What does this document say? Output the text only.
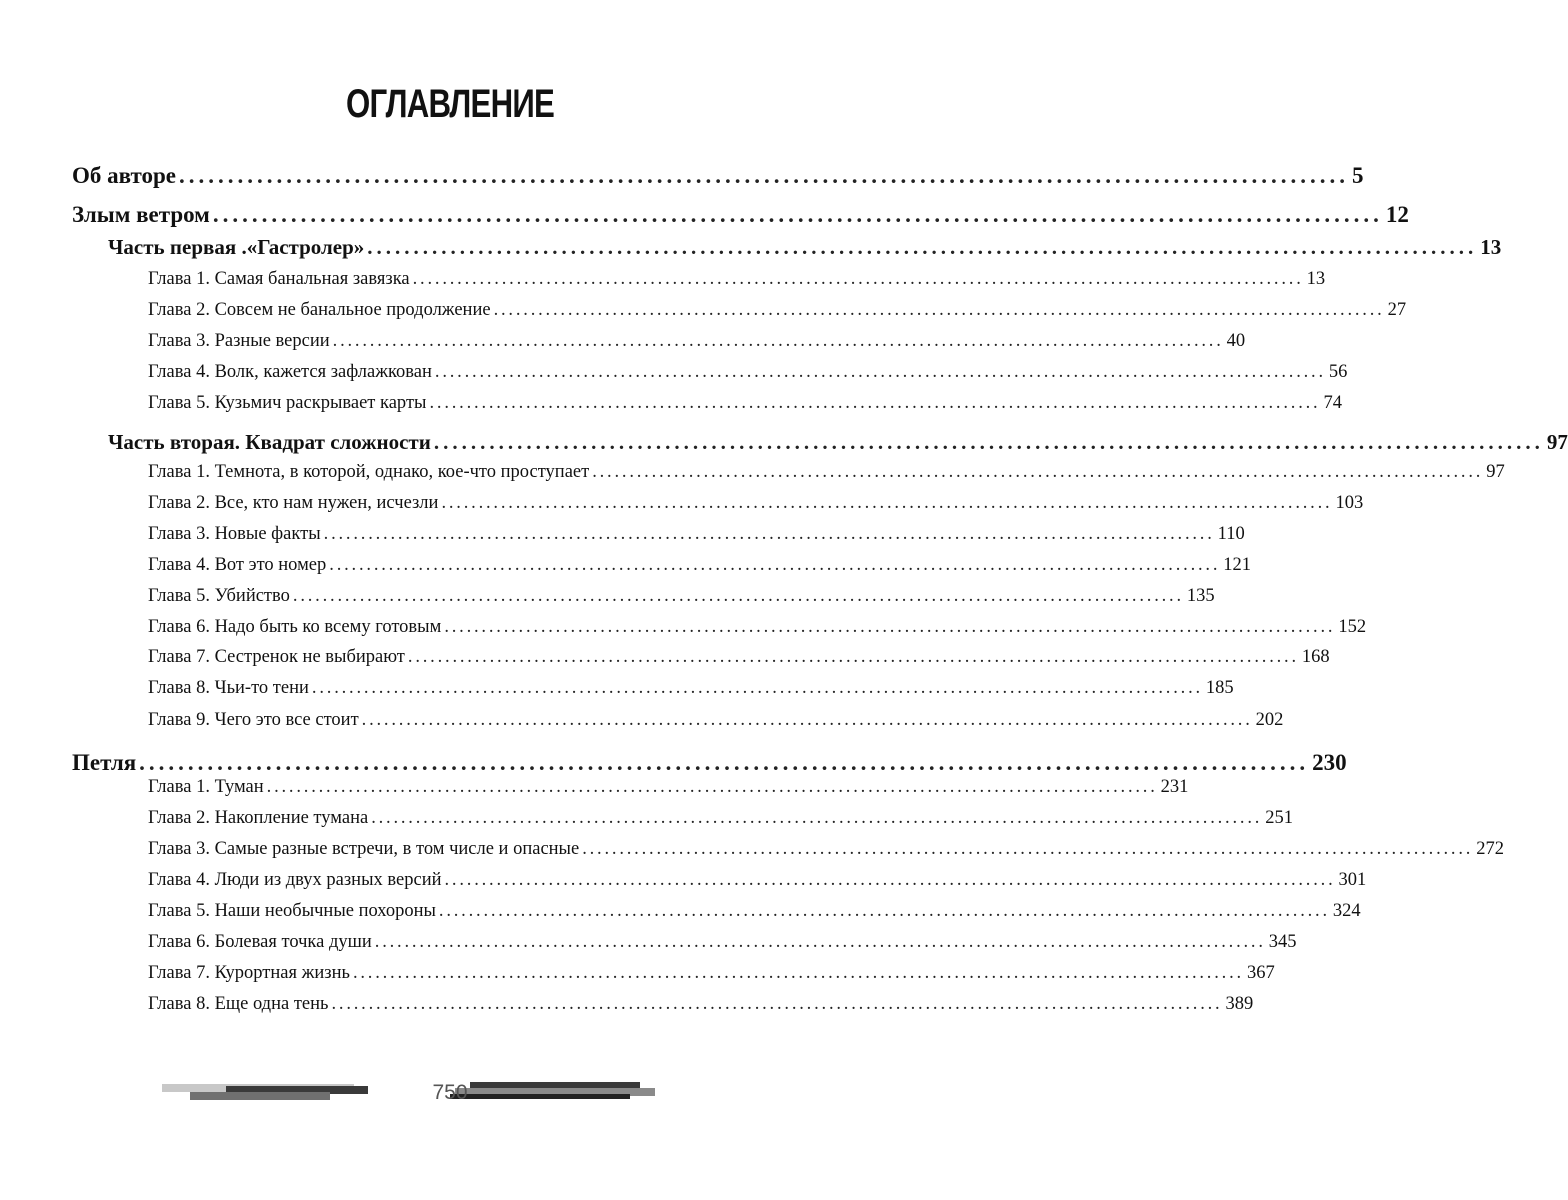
ОГЛАВЛЕНИЕ
Об авторе ........................................................................................................................ 5
Злым ветром ........................................................................................................................ 12
Часть первая .«Гастролер» ........................................................................................................................ 13
Глава 1. Самая банальная завязка ........................................................................................................................ 13
Глава 2. Совсем не банальное продолжение ........................................................................................................................ 27
Глава 3. Разные версии ........................................................................................................................ 40
Глава 4. Волк, кажется зафлажкован ........................................................................................................................ 56
Глава 5. Кузьмич раскрывает карты ........................................................................................................................ 74
Часть вторая. Квадрат сложности ........................................................................................................................ 97
Глава 1. Темнота, в которой, однако, кое-что проступает ........................................................................................................................ 97
Глава 2. Все, кто нам нужен, исчезли ........................................................................................................................ 103
Глава 3. Новые факты ........................................................................................................................ 110
Глава 4. Вот это номер ........................................................................................................................ 121
Глава 5. Убийство ........................................................................................................................ 135
Глава 6. Надо быть ко всему готовым ........................................................................................................................ 152
Глава 7. Сестренок не выбирают ........................................................................................................................ 168
Глава 8. Чьи-то тени ........................................................................................................................ 185
Глава 9. Чего это все стоит ........................................................................................................................ 202
Петля ........................................................................................................................ 230
Глава 1. Туман ........................................................................................................................ 231
Глава 2. Накопление тумана ........................................................................................................................ 251
Глава 3. Самые разные встречи, в том числе и опасные ........................................................................................................................ 272
Глава 4. Люди из двух разных версий ........................................................................................................................ 301
Глава 5. Наши необычные похороны ........................................................................................................................ 324
Глава 6. Болевая точка души ........................................................................................................................ 345
Глава 7. Курортная жизнь ........................................................................................................................ 367
Глава 8. Еще одна тень ........................................................................................................................ 389
750
